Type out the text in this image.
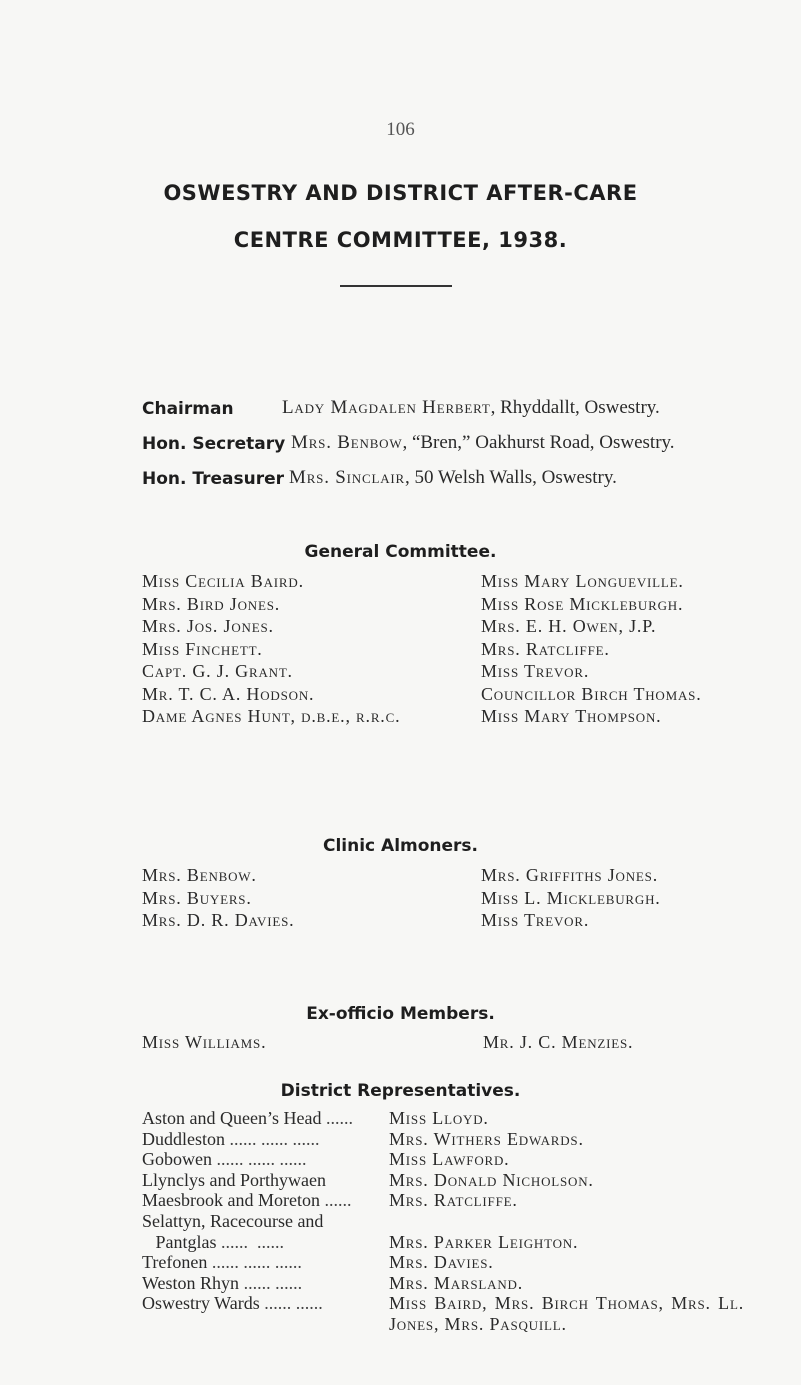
106
OSWESTRY AND DISTRICT AFTER-CARE
CENTRE COMMITTEE, 1938.
Chairman	Lady Magdalen Herbert, Rhyddallt, Oswestry.
Hon. Secretary Mrs. Benbow, “Bren,” Oakhurst Road, Oswestry.
Hon. Treasurer Mrs. Sinclair, 50 Welsh Walls, Oswestry.
General Committee.
Miss Cecilia Baird.
Mrs. Bird Jones.
Mrs. Jos. Jones.
Miss Finchett.
Capt. G. J. Grant.
Mr. T. C. A. Hodson.
Dame Agnes Hunt, d.b.e., r.r.c.
Miss Mary Longueville.
Miss Rose Mickleburgh.
Mrs. E. H. Owen, J.P.
Mrs. Ratcliffe.
Miss Trevor.
Councillor Birch Thomas.
Miss Mary Thompson.
Clinic Almoners.
Mrs. Benbow.
Mrs. Buyers.
Mrs. D. R. Davies.
Mrs. Griffiths Jones.
Miss L. Mickleburgh.
Miss Trevor.
Ex-officio Members.
Miss Williams.	Mr. J. C. Menzies.
District Representatives.
Aston and Queen’s Head ......	Miss Lloyd.
Duddleston ...... ...... ......	Mrs. Withers Edwards.
Gobowen ...... ...... ......	Miss Lawford.
Llynclys and Porthywaen	Mrs. Donald Nicholson.
Maesbrook and Moreton ......	Mrs. Ratcliffe.
Selattyn, Racecourse and
Pantglas ......  ......	Mrs. Parker Leighton.
Trefonen ...... ...... ......	Mrs. Davies.
Weston Rhyn ...... ......	Mrs. Marsland.
Oswestry Wards ...... ......	Miss Baird, Mrs. Birch Thomas, Mrs. Ll. Jones, Mrs. Pasquill.
